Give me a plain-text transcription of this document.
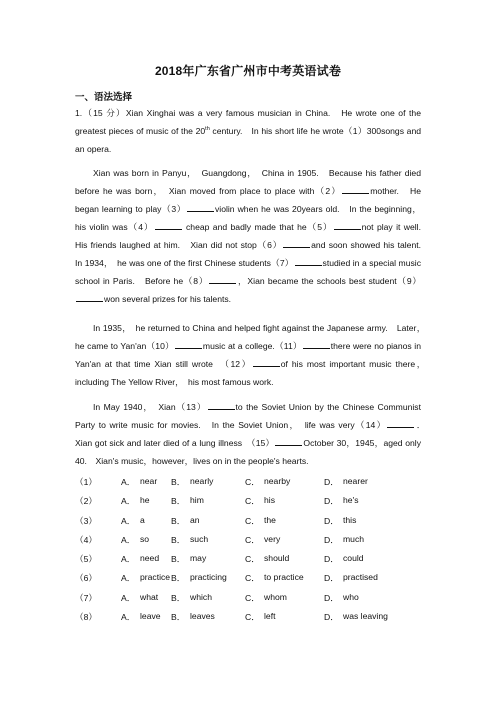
2018年广东省广州市中考英语试卷
一、语法选择
1.（15 分）Xian Xinghai was a very famous musician in China.　He wrote one of the greatest pieces of music of the 20th century.　In his short life he wrote（1）300songs and an opera.
Xian was born in Panyu，　Guangdong，　China in 1905.　Because his father died before he was born，　Xian moved from place to place with（2）	mother.　He began learning to play（3）	violin when he was 20years old.　In the beginning，his violin was（4）	cheap and badly made that he（5）	not play it well.　His friends laughed at him.　Xian did not stop（6）	and soon showed his talent.　In 1934，　he was one of the first Chinese students（7）	studied in a special music school in Paris.　Before he（8）	，Xian became the schools best student（9）won several prizes for his talents.
In 1935，　he returned to China and helped fight against the Japanese army.　Later，　he came to Yan'an（10）	music at a college.（11）	there were no pianos in Yan'an at that time Xian still wrote　（12）	of his most important music there，　including The Yellow River，　his most famous work.
In May 1940，　Xian（13）	to the Soviet Union by the Chinese Communist Party to write music for movies.　In the Soviet Union，　life was very（14）	．　Xian got sick and later died of a lung illness　（15）	October 30，1945，aged only 40.　Xian's music，however，lives on in the people's hearts.
（1）	A． near B． nearly	C． nearby	D． nearer
（2）	A． he B． him	C． his	D． he's
（3）	A． a	B． an	C． the	D． this
（4）	A． so	B． such	C． very	D． much
（5）	A． need B． may	C． should	D． could
（6）	A． practice B． practicing C． to practice D． practised
（7）	A． what B． which	C． whom	D． who
（8）	A． leave B． leaves	C． left	D． was leaving
